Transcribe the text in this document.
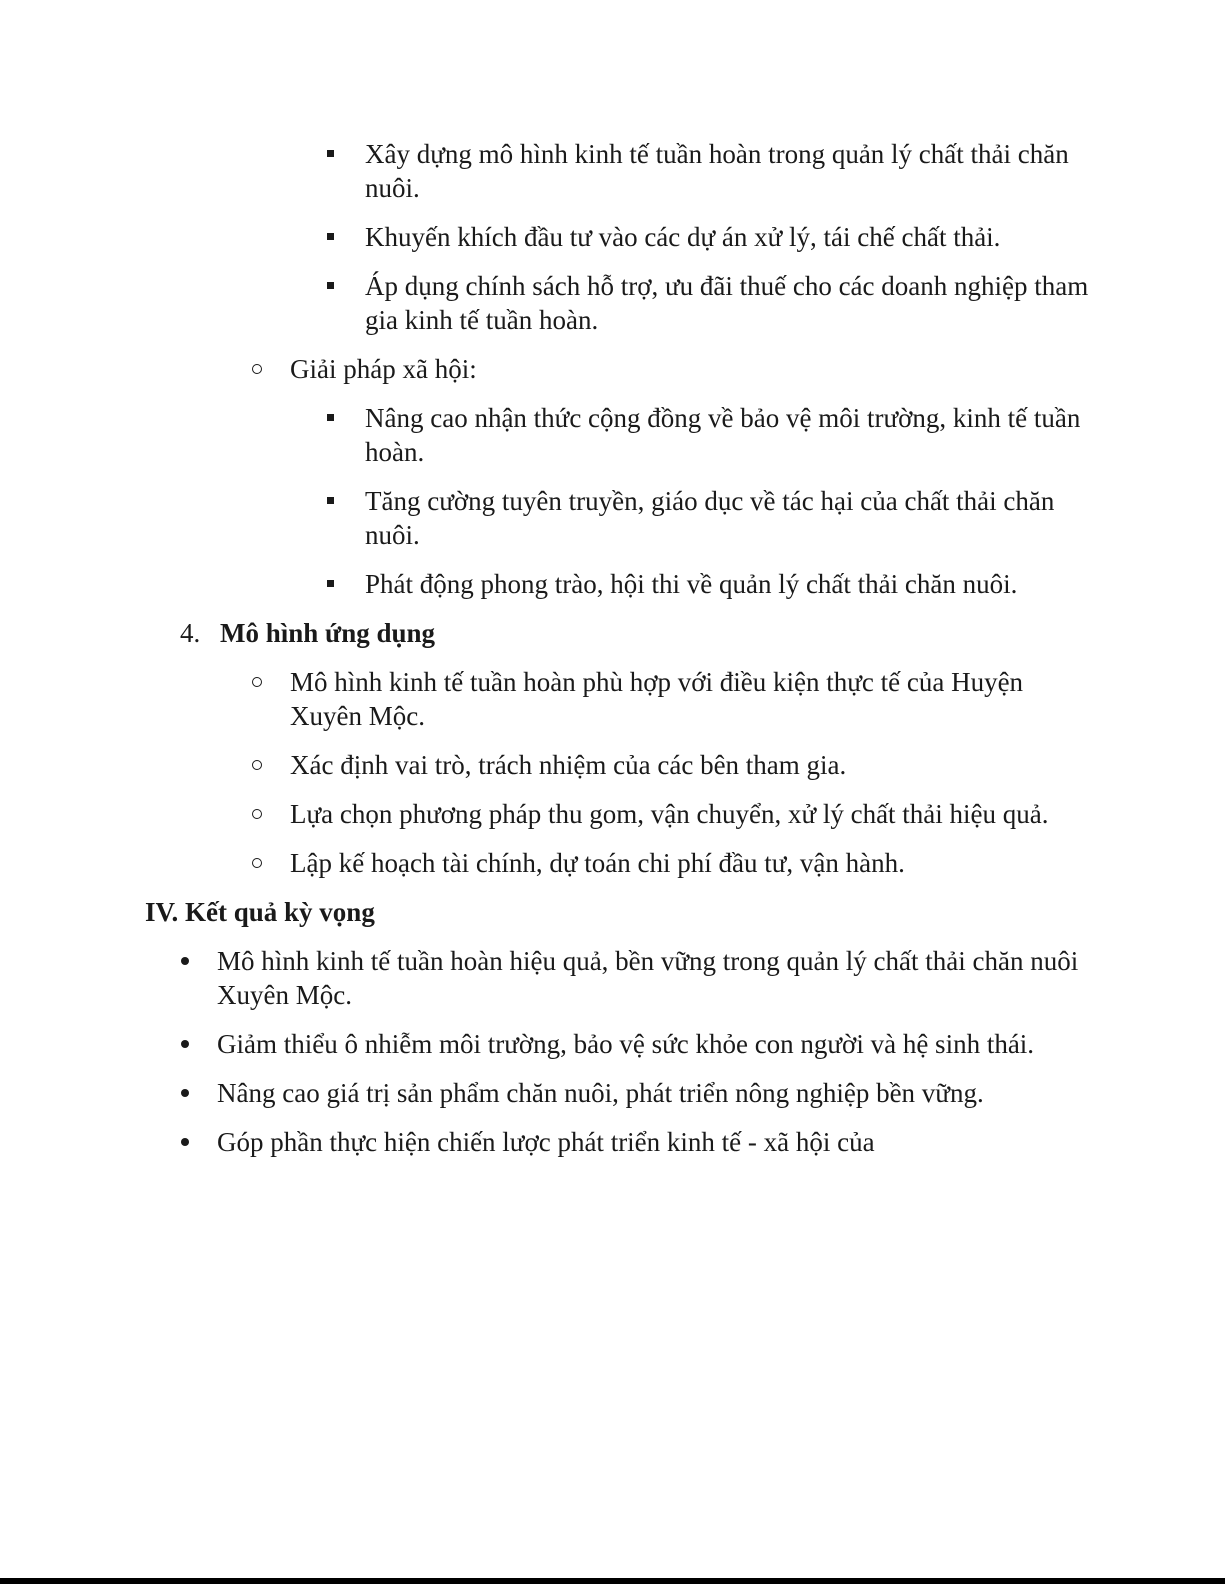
Xây dựng mô hình kinh tế tuần hoàn trong quản lý chất thải chăn nuôi.
Khuyến khích đầu tư vào các dự án xử lý, tái chế chất thải.
Áp dụng chính sách hỗ trợ, ưu đãi thuế cho các doanh nghiệp tham gia kinh tế tuần hoàn.
Giải pháp xã hội:
Nâng cao nhận thức cộng đồng về bảo vệ môi trường, kinh tế tuần hoàn.
Tăng cường tuyên truyền, giáo dục về tác hại của chất thải chăn nuôi.
Phát động phong trào, hội thi về quản lý chất thải chăn nuôi.
4. Mô hình ứng dụng
Mô hình kinh tế tuần hoàn phù hợp với điều kiện thực tế của Huyện Xuyên Mộc.
Xác định vai trò, trách nhiệm của các bên tham gia.
Lựa chọn phương pháp thu gom, vận chuyển, xử lý chất thải hiệu quả.
Lập kế hoạch tài chính, dự toán chi phí đầu tư, vận hành.
IV. Kết quả kỳ vọng
Mô hình kinh tế tuần hoàn hiệu quả, bền vững trong quản lý chất thải chăn nuôi Xuyên Mộc.
Giảm thiểu ô nhiễm môi trường, bảo vệ sức khỏe con người và hệ sinh thái.
Nâng cao giá trị sản phẩm chăn nuôi, phát triển nông nghiệp bền vững.
Góp phần thực hiện chiến lược phát triển kinh tế - xã hội của
